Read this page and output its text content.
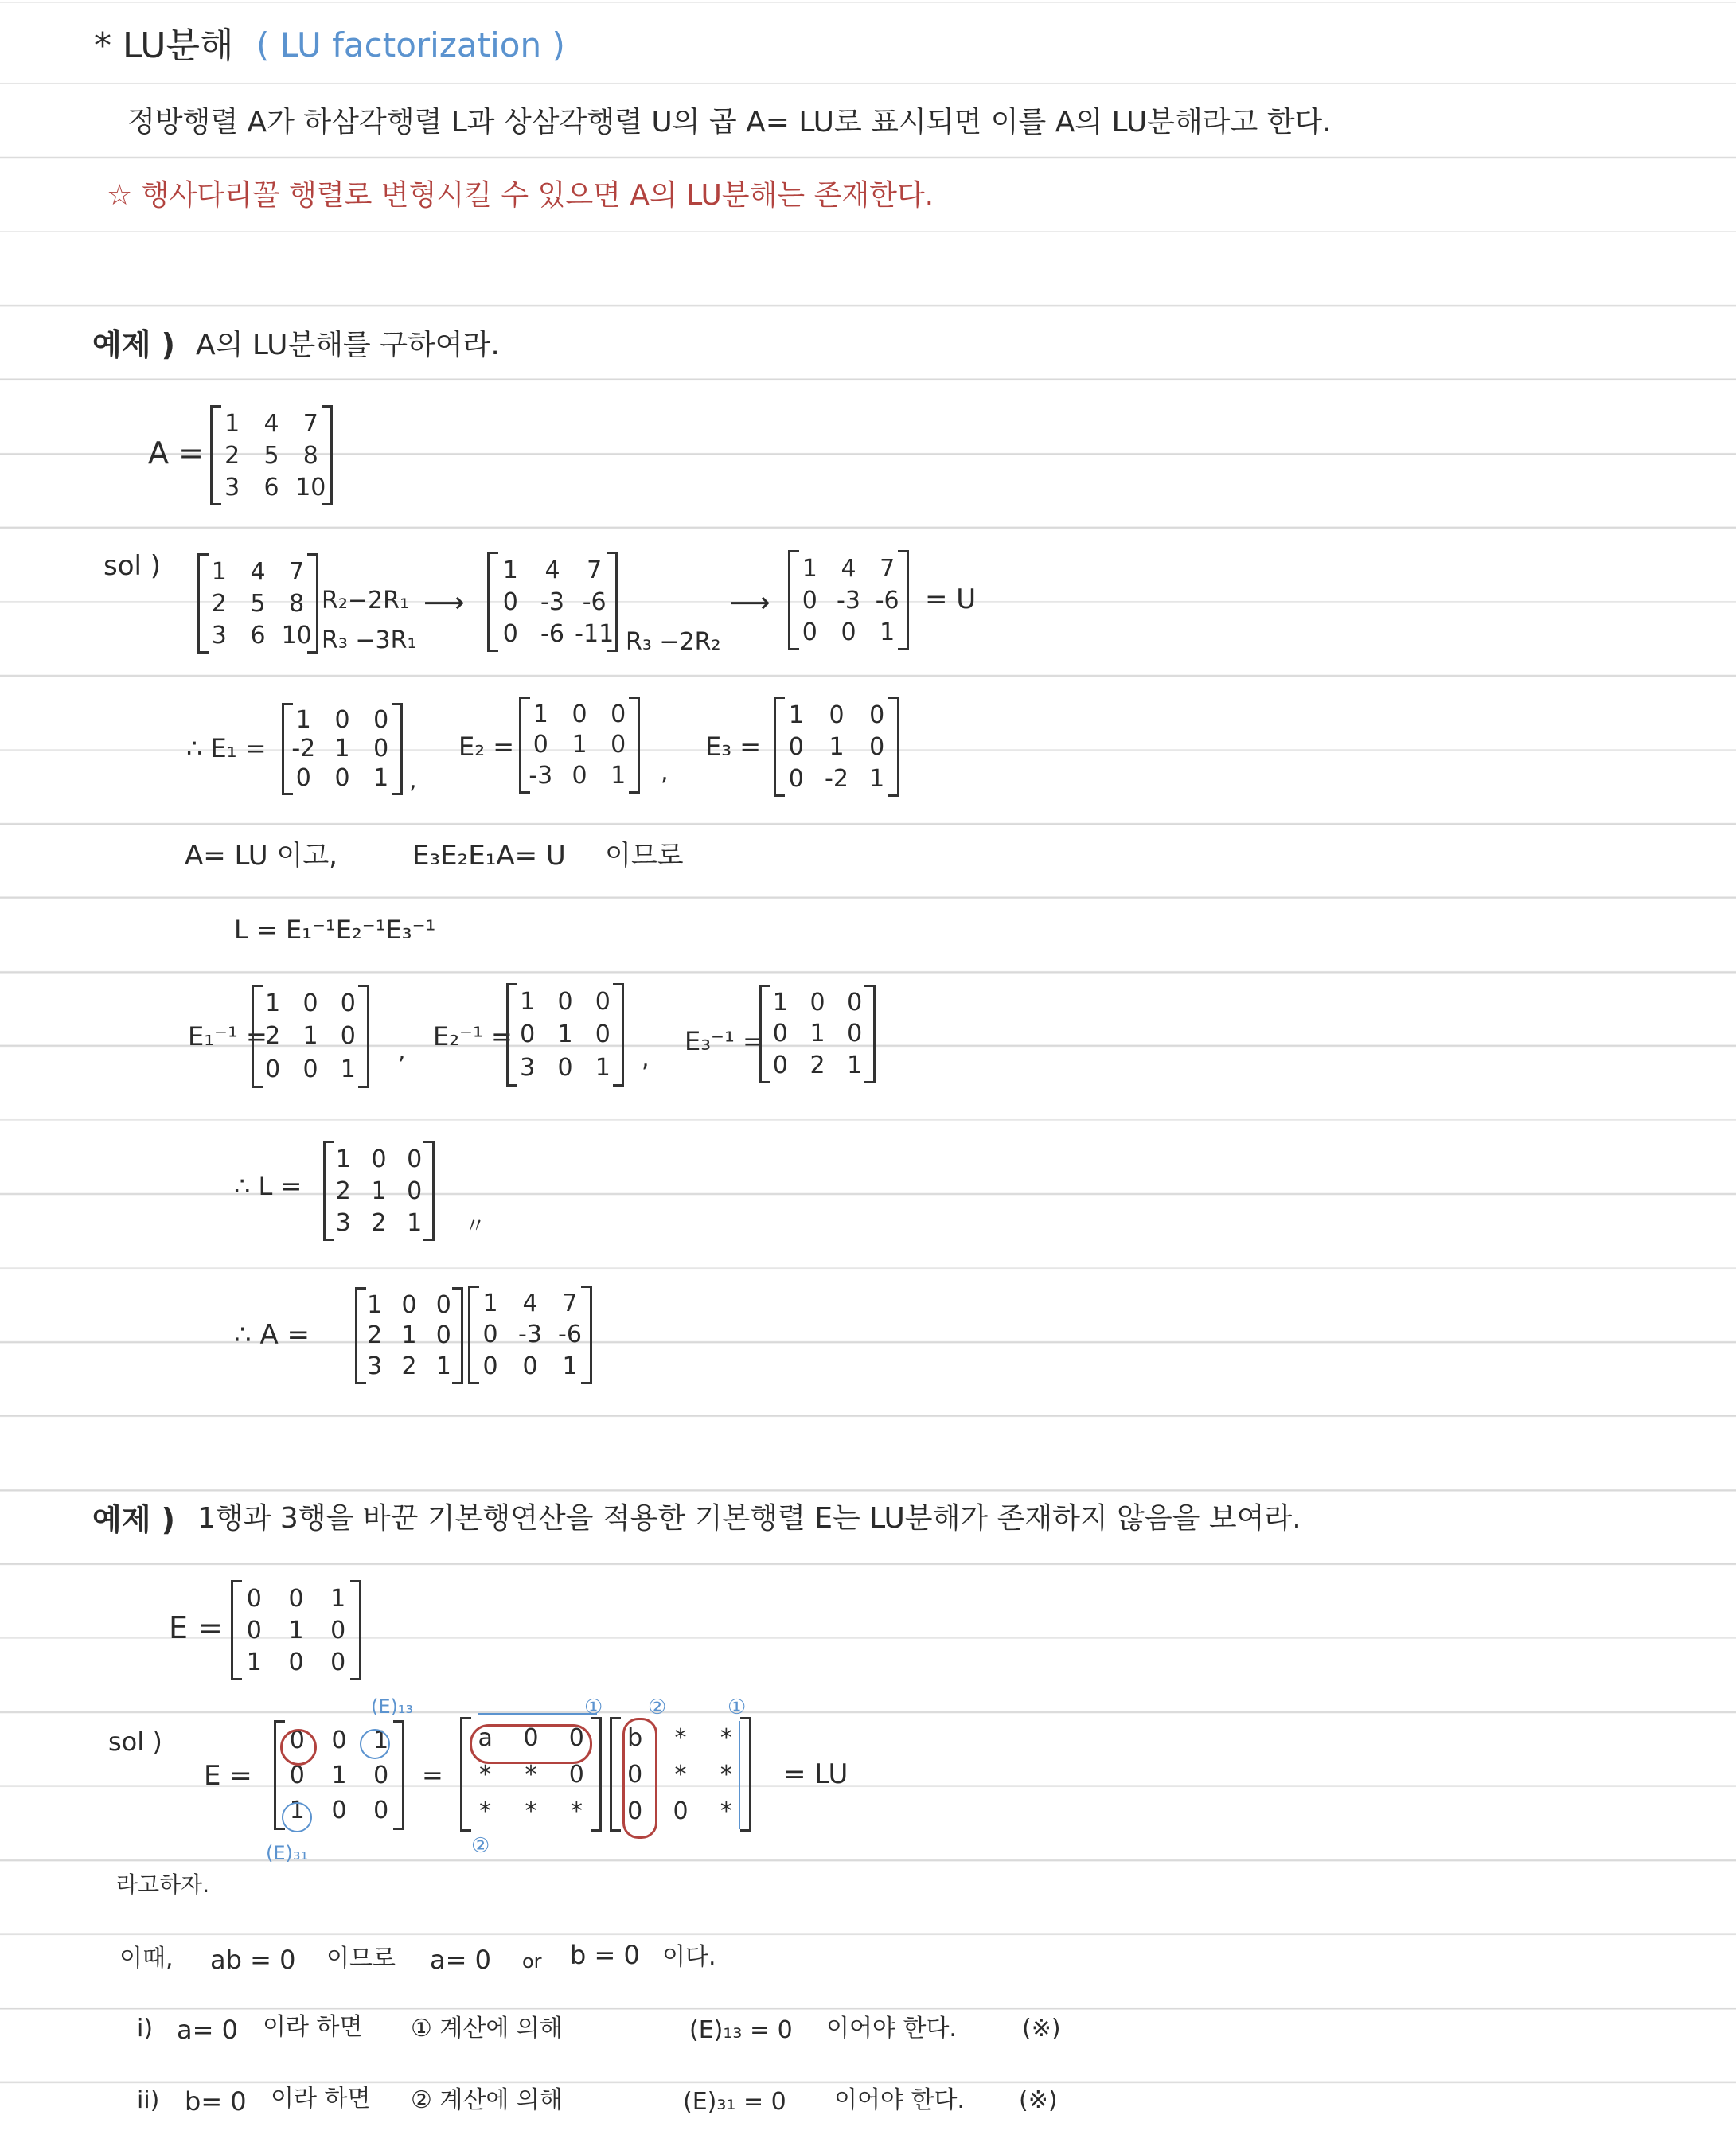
* LU분해 ( LU factorization )
정방행렬 A가 하삼각행렬 L과 상삼각행렬 U의 곱 A= LU로 표시되면 이를 A의 LU분해라고 한다.
☆ 행사다리꼴 행렬로 변형시킬 수 있으면 A의 LU분해는 존재한다.
예제 ) A의 LU분해를 구하여라.
A =
1 4 7
2 5 8
3 6 10
sol ) 1 4 7
2 5 8
3 6 10
R₂−2R₁
R₃ −3R₁
⟶
1 4 7
0 -3 -6
0 -6 -11 R₃ −2R₂
⟶
1 4 7
0 -3 -6
0 0 1
= U
∴ E₁ =
1 0 0
-2 1 0
0 0 1 ,
E₂ =
1 0 0
0 1 0
-3 0 1 ,
E₃ =
1 0 0
0 1 0
0 -2 1
A= LU 이고,	E₃E₂E₁A= U 이므로
L = E₁⁻¹E₂⁻¹E₃⁻¹
E₁⁻¹ =
1 0 0
2 1 0
0 0 1
, E₂⁻¹ =
1 0 0
0 1 0
3 0 1 ,
E₃⁻¹ =
1 0 0
0 1 0
0 2 1
∴ L =
1 0 0
2 1 0
3 2 1 〃
∴ A =
1 0 0
2 1 0
3 2 1
1 4 7
0 -3 -6
0 0 1
예제 ) 1행과 3행을 바꾼 기본행연산을 적용한 기본행렬 E는 LU분해가 존재하지 않음을 보여라.
E =
0 0 1
0 1 0
1 0 0
sol )
E =
0 0 1
0 1 0
1 0 0
(E)₁₃
(E)₃₁
=
a 0 0
* * 0
* * *
①
②
b * *
0 * *
0 0 *
②	①
= LU
라고하자.
이때, ab = 0 이므로 a= 0 or b = 0 이다.
i) a= 0 이라 하면 ① 계산에 의해	(E)₁₃ = 0 이어야 한다.	(※)
ii) b= 0 이라 하면 ② 계산에 의해	(E)₃₁ = 0 이어야 한다. (※)
